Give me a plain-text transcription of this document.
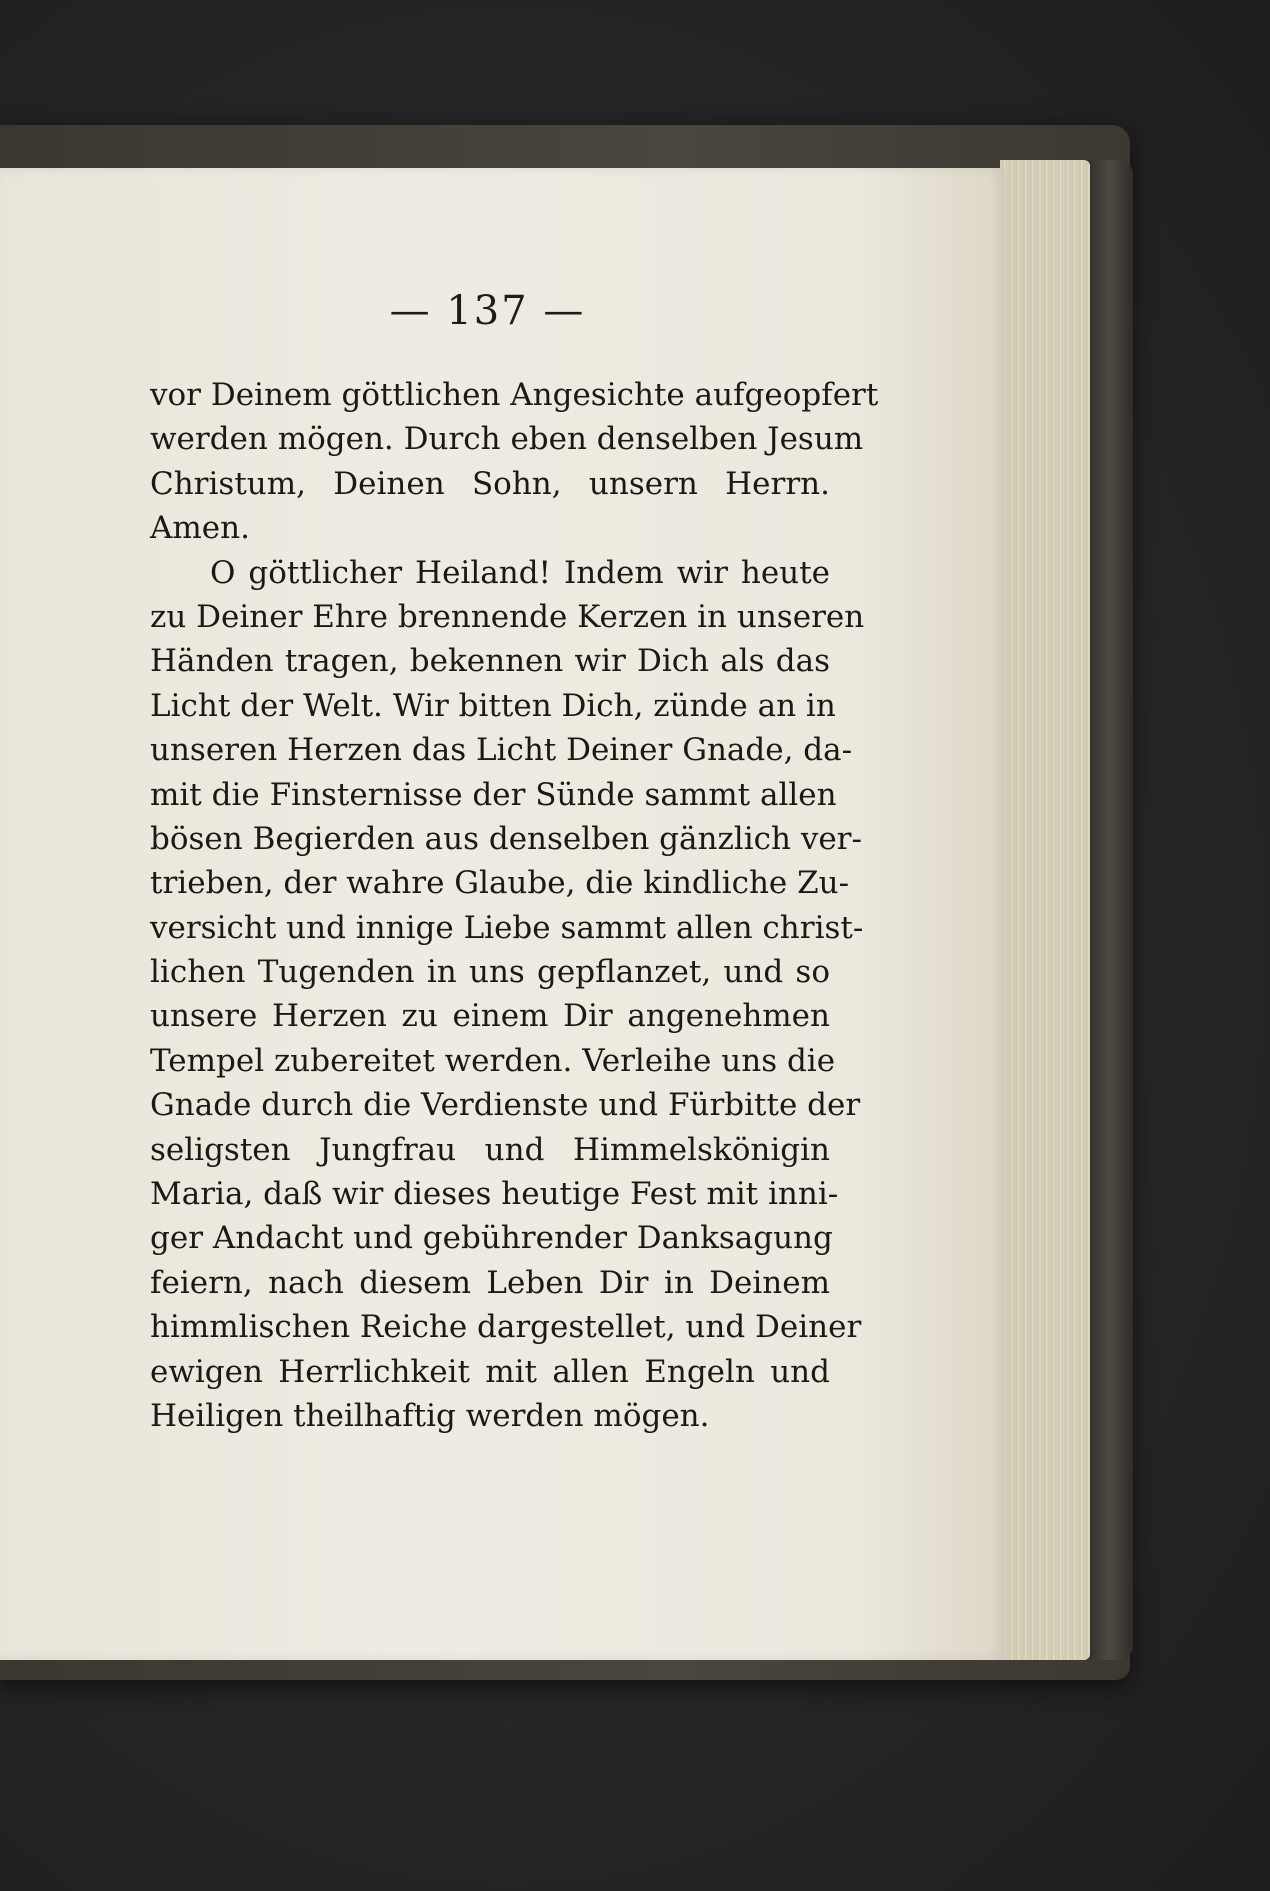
— 137 —
vor Deinem göttlichen Angesichte aufgeopfert
werden mögen. Durch eben denselben Jesum
Christum, Deinen Sohn, unsern Herrn.
Amen.
O göttlicher Heiland! Indem wir heute
zu Deiner Ehre brennende Kerzen in unseren
Händen tragen, bekennen wir Dich als das
Licht der Welt. Wir bitten Dich, zünde an in
unseren Herzen das Licht Deiner Gnade, da-
mit die Finsternisse der Sünde sammt allen
bösen Begierden aus denselben gänzlich ver-
trieben, der wahre Glaube, die kindliche Zu-
versicht und innige Liebe sammt allen christ-
lichen Tugenden in uns gepflanzet, und so
unsere Herzen zu einem Dir angenehmen
Tempel zubereitet werden. Verleihe uns die
Gnade durch die Verdienste und Fürbitte der
seligsten Jungfrau und Himmelskönigin
Maria, daß wir dieses heutige Fest mit inni-
ger Andacht und gebührender Danksagung
feiern, nach diesem Leben Dir in Deinem
himmlischen Reiche dargestellet, und Deiner
ewigen Herrlichkeit mit allen Engeln und
Heiligen theilhaftig werden mögen.
